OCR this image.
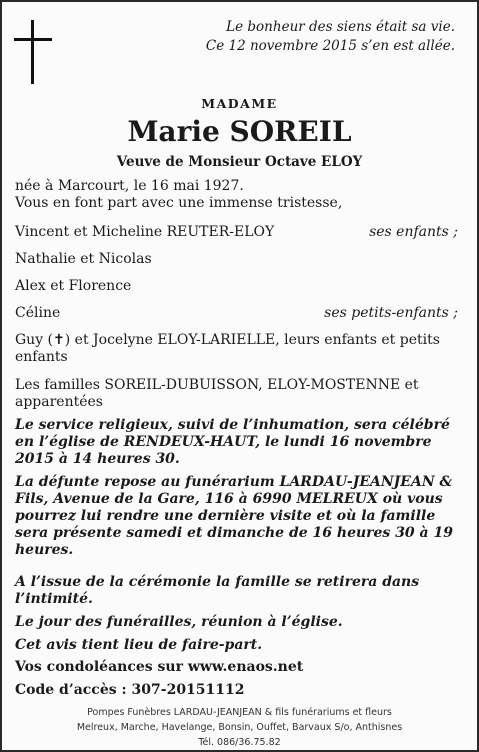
Le bonheur des siens était sa vie.
Ce 12 novembre 2015 s’en est allée.
MADAME
Marie SOREIL
Veuve de Monsieur Octave ELOY
née à Marcourt, le 16 mai 1927.
Vous en font part avec une immense tristesse,
Vincent et Micheline REUTER-ELOY	ses enfants ;
Nathalie et Nicolas
Alex et Florence
Céline	ses petits-enfants ;
Guy (✝) et Jocelyne ELOY-LARIELLE, leurs enfants et petits enfants
Les familles SOREIL-DUBUISSON, ELOY-MOSTENNE et apparentées
Le service religieux, suivi de l’inhumation, sera célébré en l’église de RENDEUX-HAUT, le lundi 16 novembre 2015 à 14 heures 30.
La défunte repose au funérarium LARDAU-JEANJEAN & Fils, Avenue de la Gare, 116 à 6990 MELREUX où vous pourrez lui rendre une dernière visite et où la famille sera présente samedi et dimanche de 16 heures 30 à 19 heures.
A l’issue de la cérémonie la famille se retirera dans l’intimité.
Le jour des funérailles, réunion à l’église.
Cet avis tient lieu de faire-part.
Vos condoléances sur www.enaos.net
Code d’accès : 307-20151112
Pompes Funèbres LARDAU-JEANJEAN & fils funérariums et fleurs
Melreux, Marche, Havelange, Bonsin, Ouffet, Barvaux S/o, Anthisnes
Tél. 086/36.75.82
